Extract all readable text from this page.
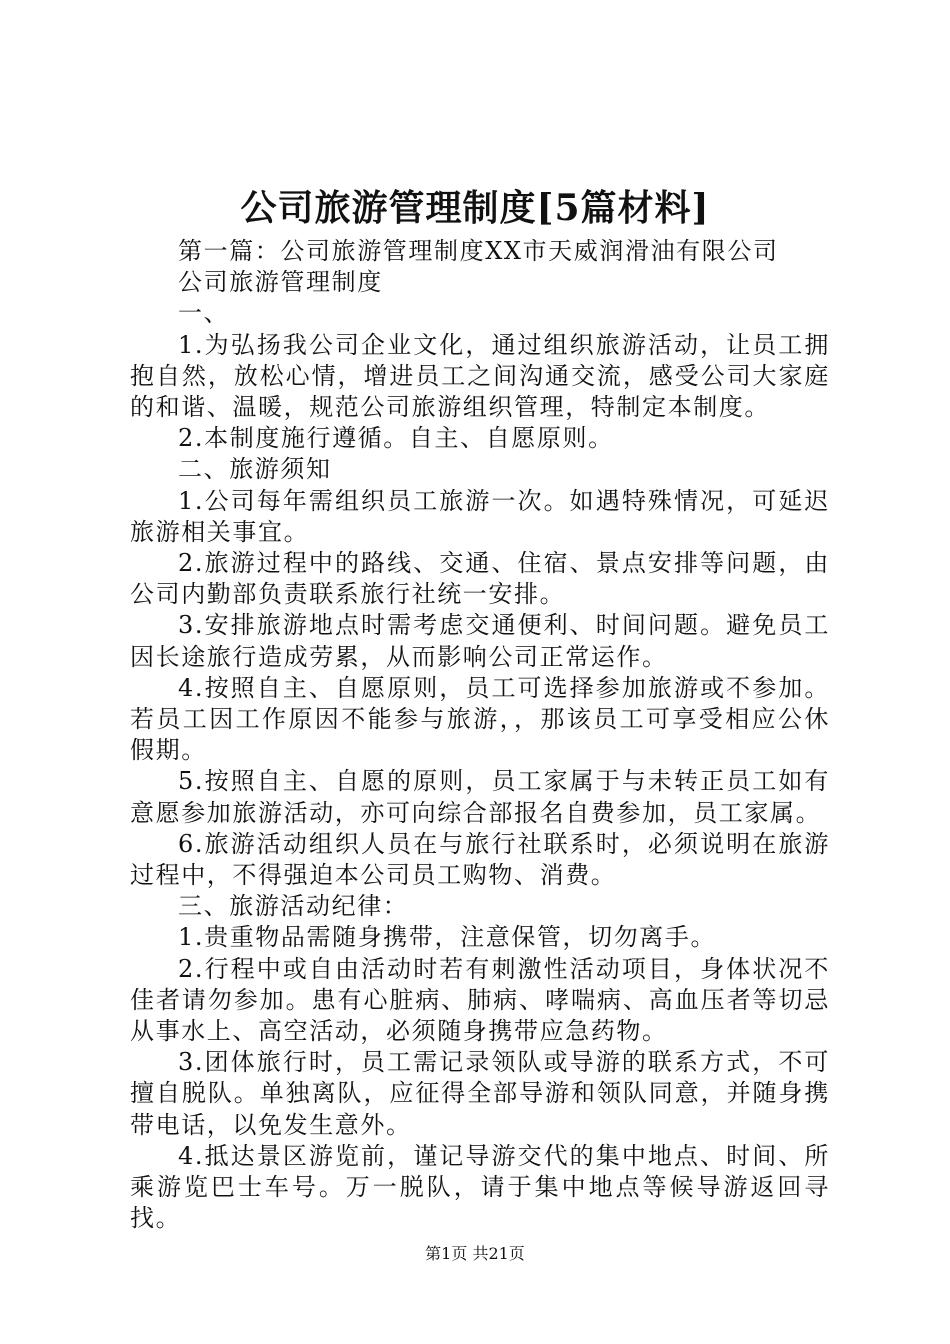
公司旅游管理制度[5篇材料]

第一篇：公司旅游管理制度XX市天威润滑油有限公司

公司旅游管理制度

一、

1.为弘扬我公司企业文化，通过组织旅游活动，让员工拥抱自然，放松心情，增进员工之间沟通交流，感受公司大家庭的和谐、温暖，规范公司旅游组织管理，特制定本制度。

2.本制度施行遵循。自主、自愿原则。

二、旅游须知

1.公司每年需组织员工旅游一次。如遇特殊情况，可延迟旅游相关事宜。

2.旅游过程中的路线、交通、住宿、景点安排等问题，由公司内勤部负责联系旅行社统一安排。

3.安排旅游地点时需考虑交通便利、时间问题。避免员工因长途旅行造成劳累，从而影响公司正常运作。

4.按照自主、自愿原则，员工可选择参加旅游或不参加。若员工因工作原因不能参与旅游，，那该员工可享受相应公休假期。

5.按照自主、自愿的原则，员工家属于与未转正员工如有意愿参加旅游活动，亦可向综合部报名自费参加，员工家属。

6.旅游活动组织人员在与旅行社联系时，必须说明在旅游过程中，不得强迫本公司员工购物、消费。

三、旅游活动纪律：

1.贵重物品需随身携带，注意保管，切勿离手。

2.行程中或自由活动时若有刺激性活动项目，身体状况不佳者请勿参加。患有心脏病、肺病、哮喘病、高血压者等切忌从事水上、高空活动，必须随身携带应急药物。

3.团体旅行时，员工需记录领队或导游的联系方式，不可擅自脱队。单独离队，应征得全部导游和领队同意，并随身携带电话，以免发生意外。

4.抵达景区游览前，谨记导游交代的集中地点、时间、所乘游览巴士车号。万一脱队，请于集中地点等候导游返回寻找。

第1页 共21页
